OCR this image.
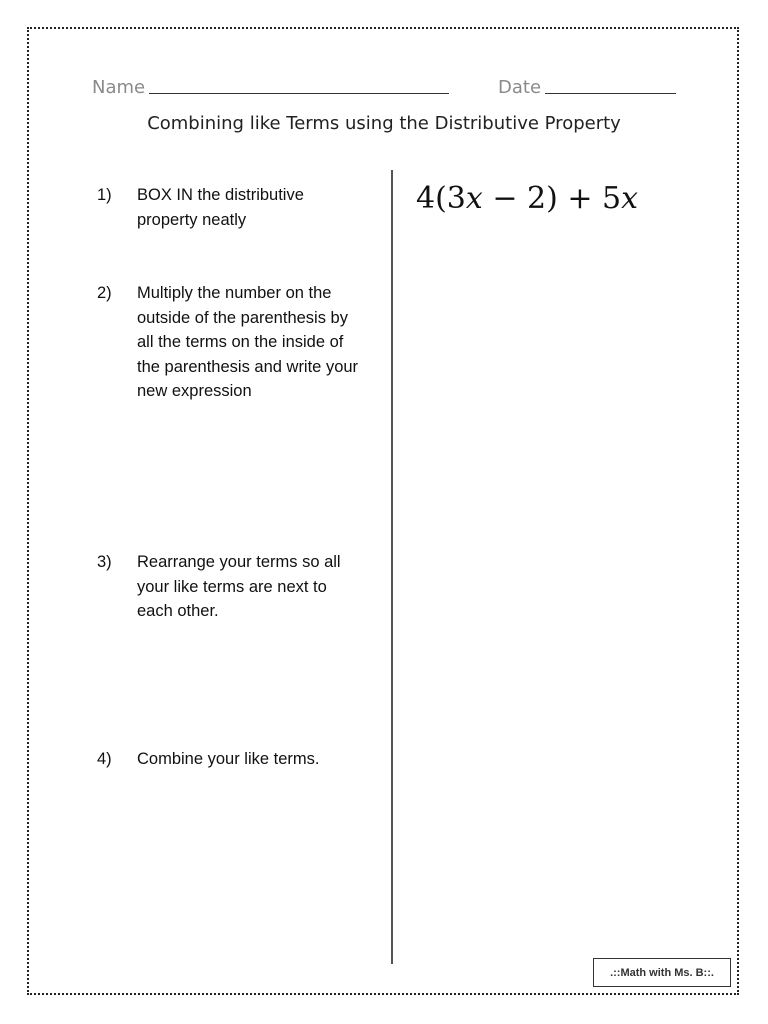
Name	Date
Combining like Terms using the Distributive Property
1) BOX IN the distributive property neatly
2) Multiply the number on the outside of the parenthesis by all the terms on the inside of the parenthesis and write your new expression
3) Rearrange your terms so all your like terms are next to each other.
4) Combine your like terms.
4(3x − 2) + 5x
.::Math with Ms. B::.
